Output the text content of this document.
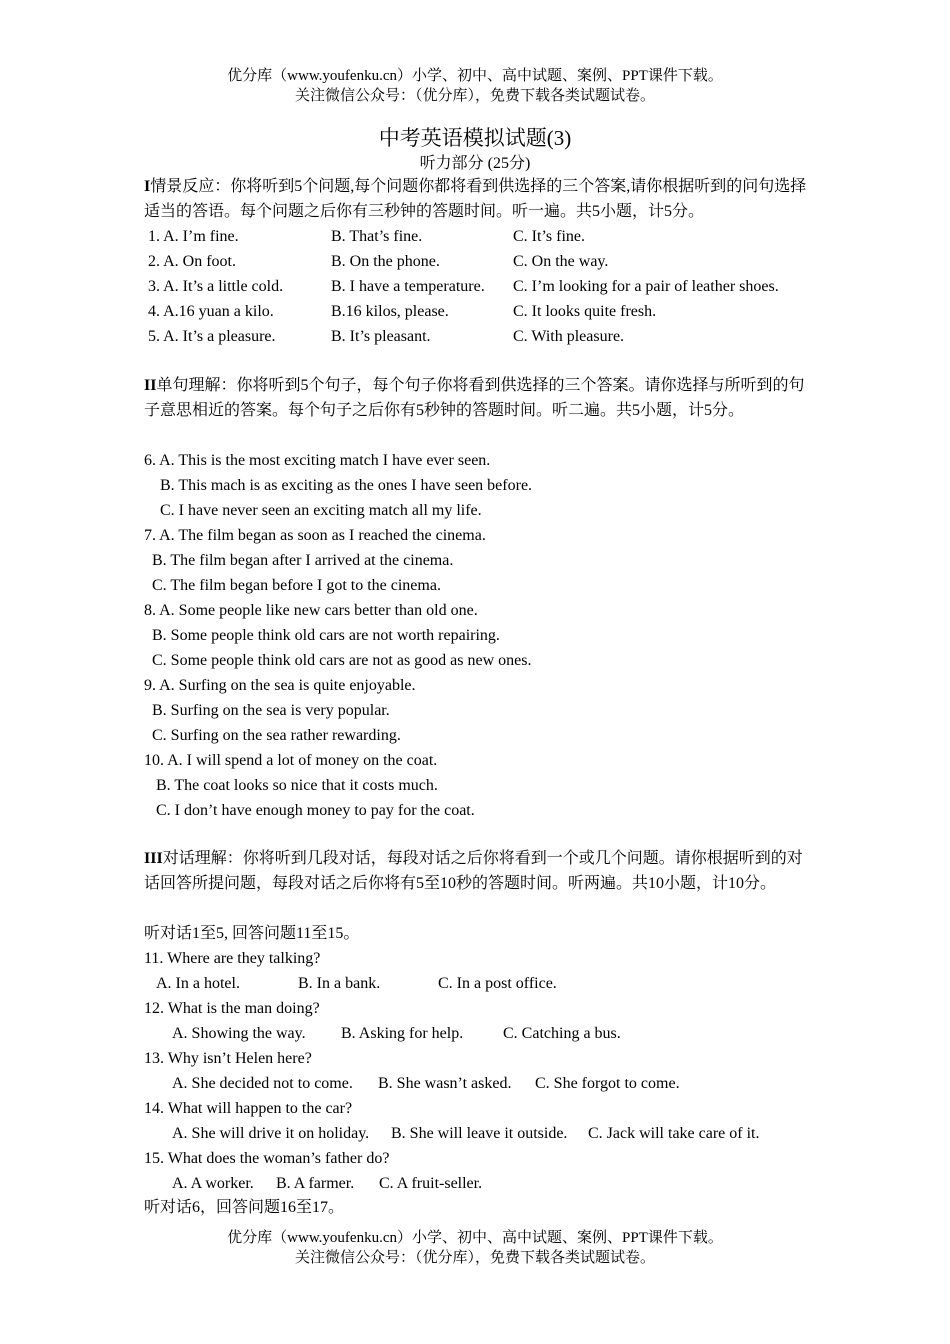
优分库（www.youfenku.cn）小学、初中、高中试题、案例、PPT课件下载。
关注微信公众号：（优分库），免费下载各类试题试卷。
中考英语模拟试题(3)
听力部分 (25分)
I情景反应：你将听到5个问题,每个问题你都将看到供选择的三个答案,请你根据听到的问句选择适当的答语。每个问题之后你有三秒钟的答题时间。听一遍。共5小题，计5分。
1. A. I’m fine.	B. That’s fine.	C. It’s fine.
2. A. On foot.	B. On the phone.	C. On the way.
3. A. It’s a little cold.	B. I have a temperature. C. I’m looking for a pair of leather shoes.
4. A.16 yuan a kilo.	B.16 kilos, please.	C. It looks quite fresh.
5. A. It’s a pleasure.	B. It’s pleasant.	C. With pleasure.
II单句理解：你将听到5个句子，每个句子你将看到供选择的三个答案。请你选择与所听到的句子意思相近的答案。每个句子之后你有5秒钟的答题时间。听二遍。共5小题，计5分。
6. A. This is the most exciting match I have ever seen.
B. This mach is as exciting as the ones I have seen before.
C. I have never seen an exciting match all my life.
7. A. The film began as soon as I reached the cinema.
B. The film began after I arrived at the cinema.
C. The film began before I got to the cinema.
8. A. Some people like new cars better than old one.
B. Some people think old cars are not worth repairing.
C. Some people think old cars are not as good as new ones.
9. A. Surfing on the sea is quite enjoyable.
B. Surfing on the sea is very popular.
C. Surfing on the sea rather rewarding.
10. A. I will spend a lot of money on the coat.
B. The coat looks so nice that it costs much.
C. I don’t have enough money to pay for the coat.
III对话理解：你将听到几段对话，每段对话之后你将看到一个或几个问题。请你根据听到的对话回答所提问题，每段对话之后你将有5至10秒的答题时间。听两遍。共10小题，计10分。
听对话1至5, 回答问题11至15。
11. Where are they talking?
A. In a hotel.	B. In a bank.	C. In a post office.
12. What is the man doing?
A. Showing the way. B. Asking for help. C. Catching a bus.
13. Why isn’t Helen here?
A. She decided not to come. B. She wasn’t asked. C. She forgot to come.
14. What will happen to the car?
A. She will drive it on holiday. B. She will leave it outside. C. Jack will take care of it.
15. What does the woman’s father do?
A. A worker. B. A farmer. C. A fruit-seller.
听对话6，回答问题16至17。
优分库（www.youfenku.cn）小学、初中、高中试题、案例、PPT课件下载。
关注微信公众号：（优分库），免费下载各类试题试卷。
